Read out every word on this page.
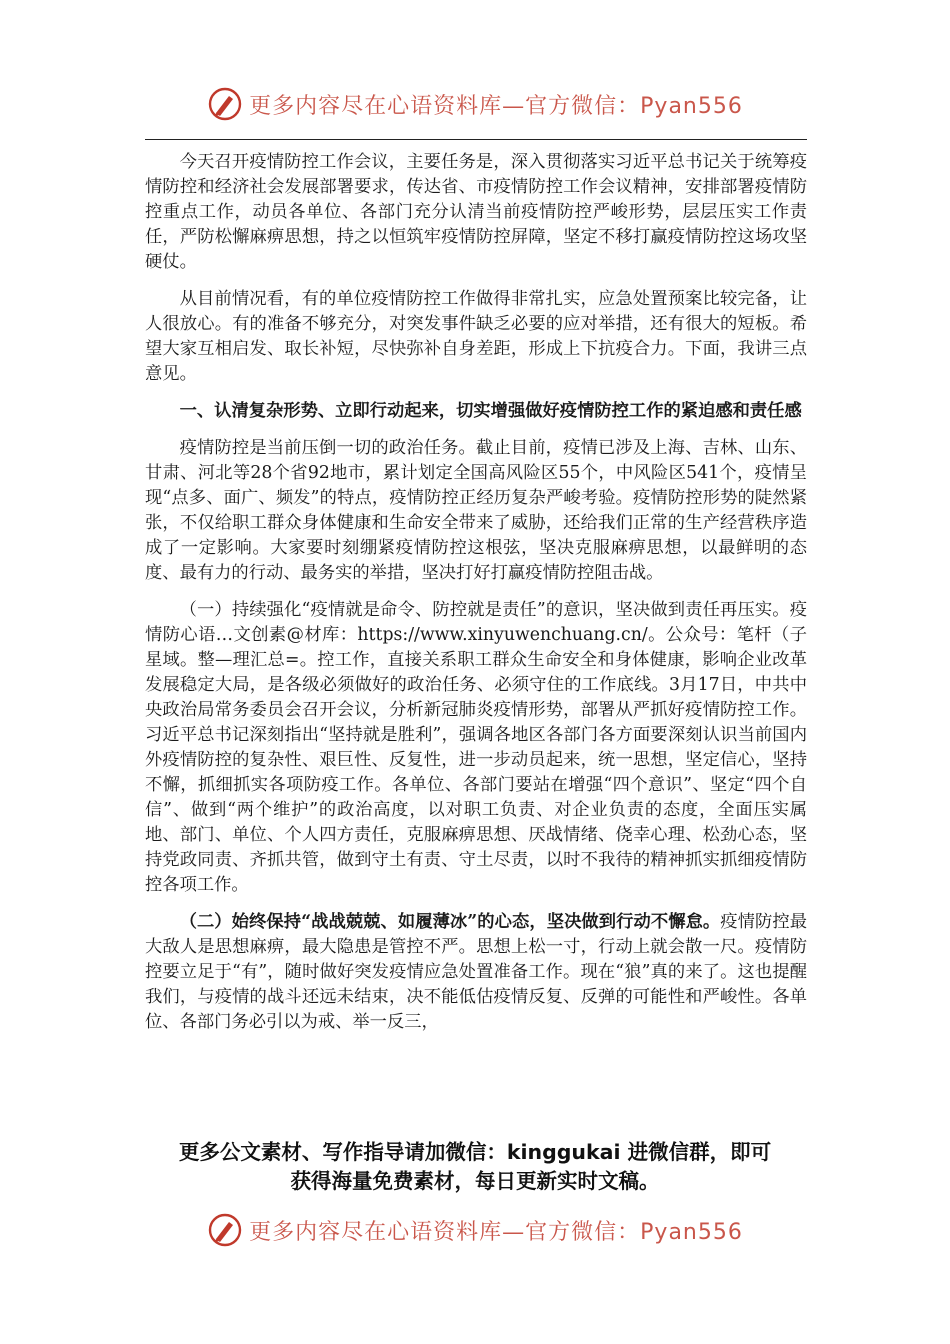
更多内容尽在心语资料库—官方微信：Pyan556

今天召开疫情防控工作会议，主要任务是，深入贯彻落实习近平总书记关于统筹疫情防控和经济社会发展部署要求，传达省、市疫情防控工作会议精神，安排部署疫情防控重点工作，动员各单位、各部门充分认清当前疫情防控严峻形势，层层压实工作责任，严防松懈麻痹思想，持之以恒筑牢疫情防控屏障，坚定不移打赢疫情防控这场攻坚硬仗。

从目前情况看，有的单位疫情防控工作做得非常扎实，应急处置预案比较完备，让人很放心。有的准备不够充分，对突发事件缺乏必要的应对举措，还有很大的短板。希望大家互相启发、取长补短，尽快弥补自身差距，形成上下抗疫合力。下面，我讲三点意见。

一、认清复杂形势、立即行动起来，切实增强做好疫情防控工作的紧迫感和责任感

疫情防控是当前压倒一切的政治任务。截止目前，疫情已涉及上海、吉林、山东、甘肃、河北等28个省92地市，累计划定全国高风险区55个，中风险区541个，疫情呈现“点多、面广、频发”的特点，疫情防控正经历复杂严峻考验。疫情防控形势的陡然紧张，不仅给职工群众身体健康和生命安全带来了威胁，还给我们正常的生产经营秩序造成了一定影响。大家要时刻绷紧疫情防控这根弦，坚决克服麻痹思想，以最鲜明的态度、最有力的行动、最务实的举措，坚决打好打赢疫情防控阻击战。

（一）持续强化“疫情就是命令、防控就是责任”的意识，坚决做到责任再压实。疫情防心语…文创素@材库：https://www.xinyuwenchuang.cn/。公众号：笔杆（子星域。整—理汇总=。控工作，直接关系职工群众生命安全和身体健康，影响企业改革发展稳定大局，是各级必须做好的政治任务、必须守住的工作底线。3月17日，中共中央政治局常务委员会召开会议，分析新冠肺炎疫情形势，部署从严抓好疫情防控工作。习近平总书记深刻指出“坚持就是胜利”，强调各地区各部门各方面要深刻认识当前国内外疫情防控的复杂性、艰巨性、反复性，进一步动员起来，统一思想，坚定信心，坚持不懈，抓细抓实各项防疫工作。各单位、各部门要站在增强“四个意识”、坚定“四个自信”、做到“两个维护”的政治高度，以对职工负责、对企业负责的态度，全面压实属地、部门、单位、个人四方责任，克服麻痹思想、厌战情绪、侥幸心理、松劲心态，坚持党政同责、齐抓共管，做到守土有责、守土尽责，以时不我待的精神抓实抓细疫情防控各项工作。

（二）始终保持“战战兢兢、如履薄冰”的心态，坚决做到行动不懈怠。疫情防控最大敌人是思想麻痹，最大隐患是管控不严。思想上松一寸，行动上就会散一尺。疫情防控要立足于“有”，随时做好突发疫情应急处置准备工作。现在“狼”真的来了。这也提醒我们，与疫情的战斗还远未结束，决不能低估疫情反复、反弹的可能性和严峻性。各单位、各部门务必引以为戒、举一反三，

更多公文素材、写作指导请加微信：kinggukai 进微信群，即可
获得海量免费素材，每日更新实时文稿。
更多内容尽在心语资料库—官方微信：Pyan556
